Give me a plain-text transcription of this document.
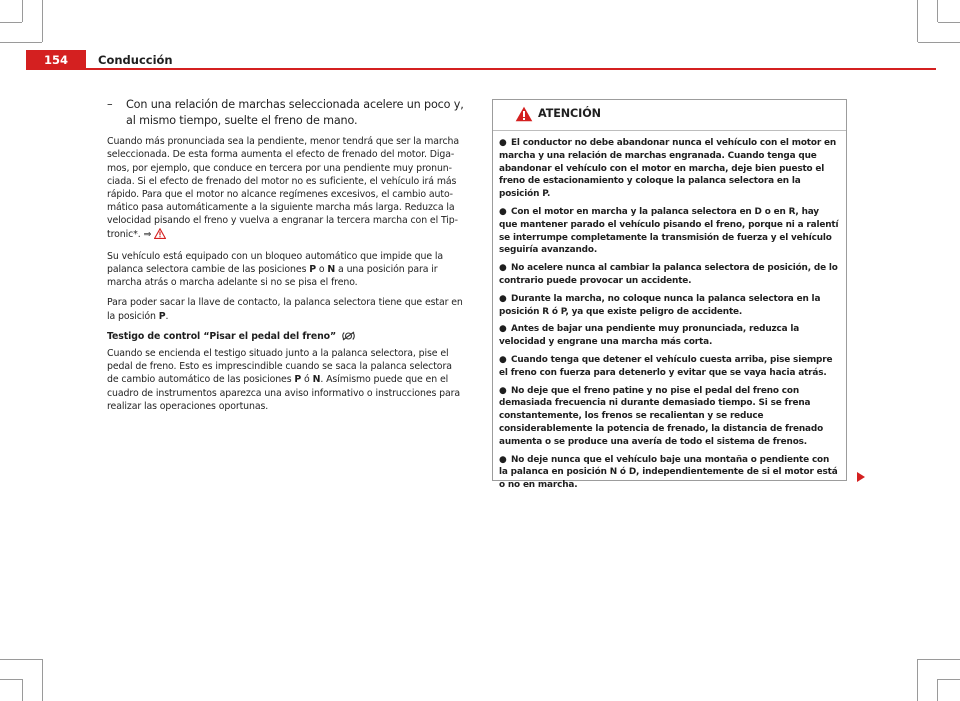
154	Conducción
– Con una relación de marchas seleccionada acelere un poco y, al mismo tiempo, suelte el freno de mano.

Cuando más pronunciada sea la pendiente, menor tendrá que ser la marcha seleccionada. De esta forma aumenta el efecto de frenado del motor. Digamos, por ejemplo, que conduce en tercera por una pendiente muy pronunciada. Si el efecto de frenado del motor no es suficiente, el vehículo irá más rápido. Para que el motor no alcance regímenes excesivos, el cambio automático pasa automáticamente a la siguiente marcha más larga. Reduzca la velocidad pisando el freno y vuelva a engranar la tercera marcha con el Tiptronic*. ⇒

Su vehículo está equipado con un bloqueo automático que impide que la palanca selectora cambie de las posiciones P o N a una posición para ir marcha atrás o marcha adelante si no se pisa el freno.

Para poder sacar la llave de contacto, la palanca selectora tiene que estar en la posición P.

Testigo de control “Pisar el pedal del freno”

Cuando se encienda el testigo situado junto a la palanca selectora, pise el pedal de freno. Esto es imprescindible cuando se saca la palanca selectora de cambio automático de las posiciones P ó N. Asímismo puede que en el cuadro de instrumentos aparezca una aviso informativo o instrucciones para realizar las operaciones oportunas.

ATENCIÓN
● El conductor no debe abandonar nunca el vehículo con el motor en marcha y una relación de marchas engranada. Cuando tenga que abandonar el vehículo con el motor en marcha, deje bien puesto el freno de estacionamiento y coloque la palanca selectora en la posición P.
● Con el motor en marcha y la palanca selectora en D o en R, hay que mantener parado el vehículo pisando el freno, porque ni a ralentí se interrumpe completamente la transmisión de fuerza y el vehículo seguiría avanzando.
● No acelere nunca al cambiar la palanca selectora de posición, de lo contrario puede provocar un accidente.
● Durante la marcha, no coloque nunca la palanca selectora en la posición R ó P, ya que existe peligro de accidente.
● Antes de bajar una pendiente muy pronunciada, reduzca la velocidad y engrane una marcha más corta.
● Cuando tenga que detener el vehículo cuesta arriba, pise siempre el freno con fuerza para detenerlo y evitar que se vaya hacia atrás.
● No deje que el freno patine y no pise el pedal del freno con demasiada frecuencia ni durante demasiado tiempo. Si se frena constantemente, los frenos se recalientan y se reduce considerablemente la potencia de frenado, la distancia de frenado aumenta o se produce una avería de todo el sistema de frenos.
● No deje nunca que el vehículo baje una montaña o pendiente con la palanca en posición N ó D, independientemente de si el motor está o no en marcha.
